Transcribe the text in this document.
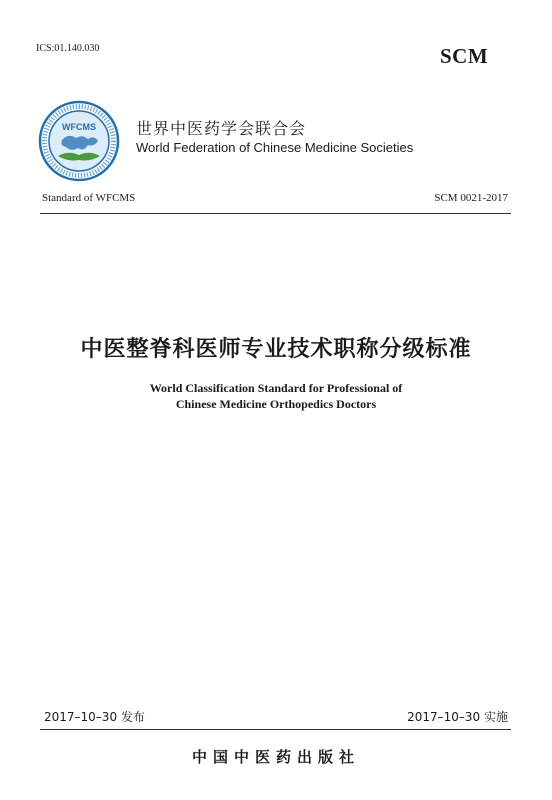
ICS:01.140.030	SCM
WFCMS	世界中医药学会联合会
World Federation of Chinese Medicine Societies
Standard of WFCMS	SCM 0021-2017
中医整脊科医师专业技术职称分级标准
World Classification Standard for Professional of
Chinese Medicine Orthopedics Doctors
2017–10–30 发布	2017–10–30 实施
中国中医药出版社
